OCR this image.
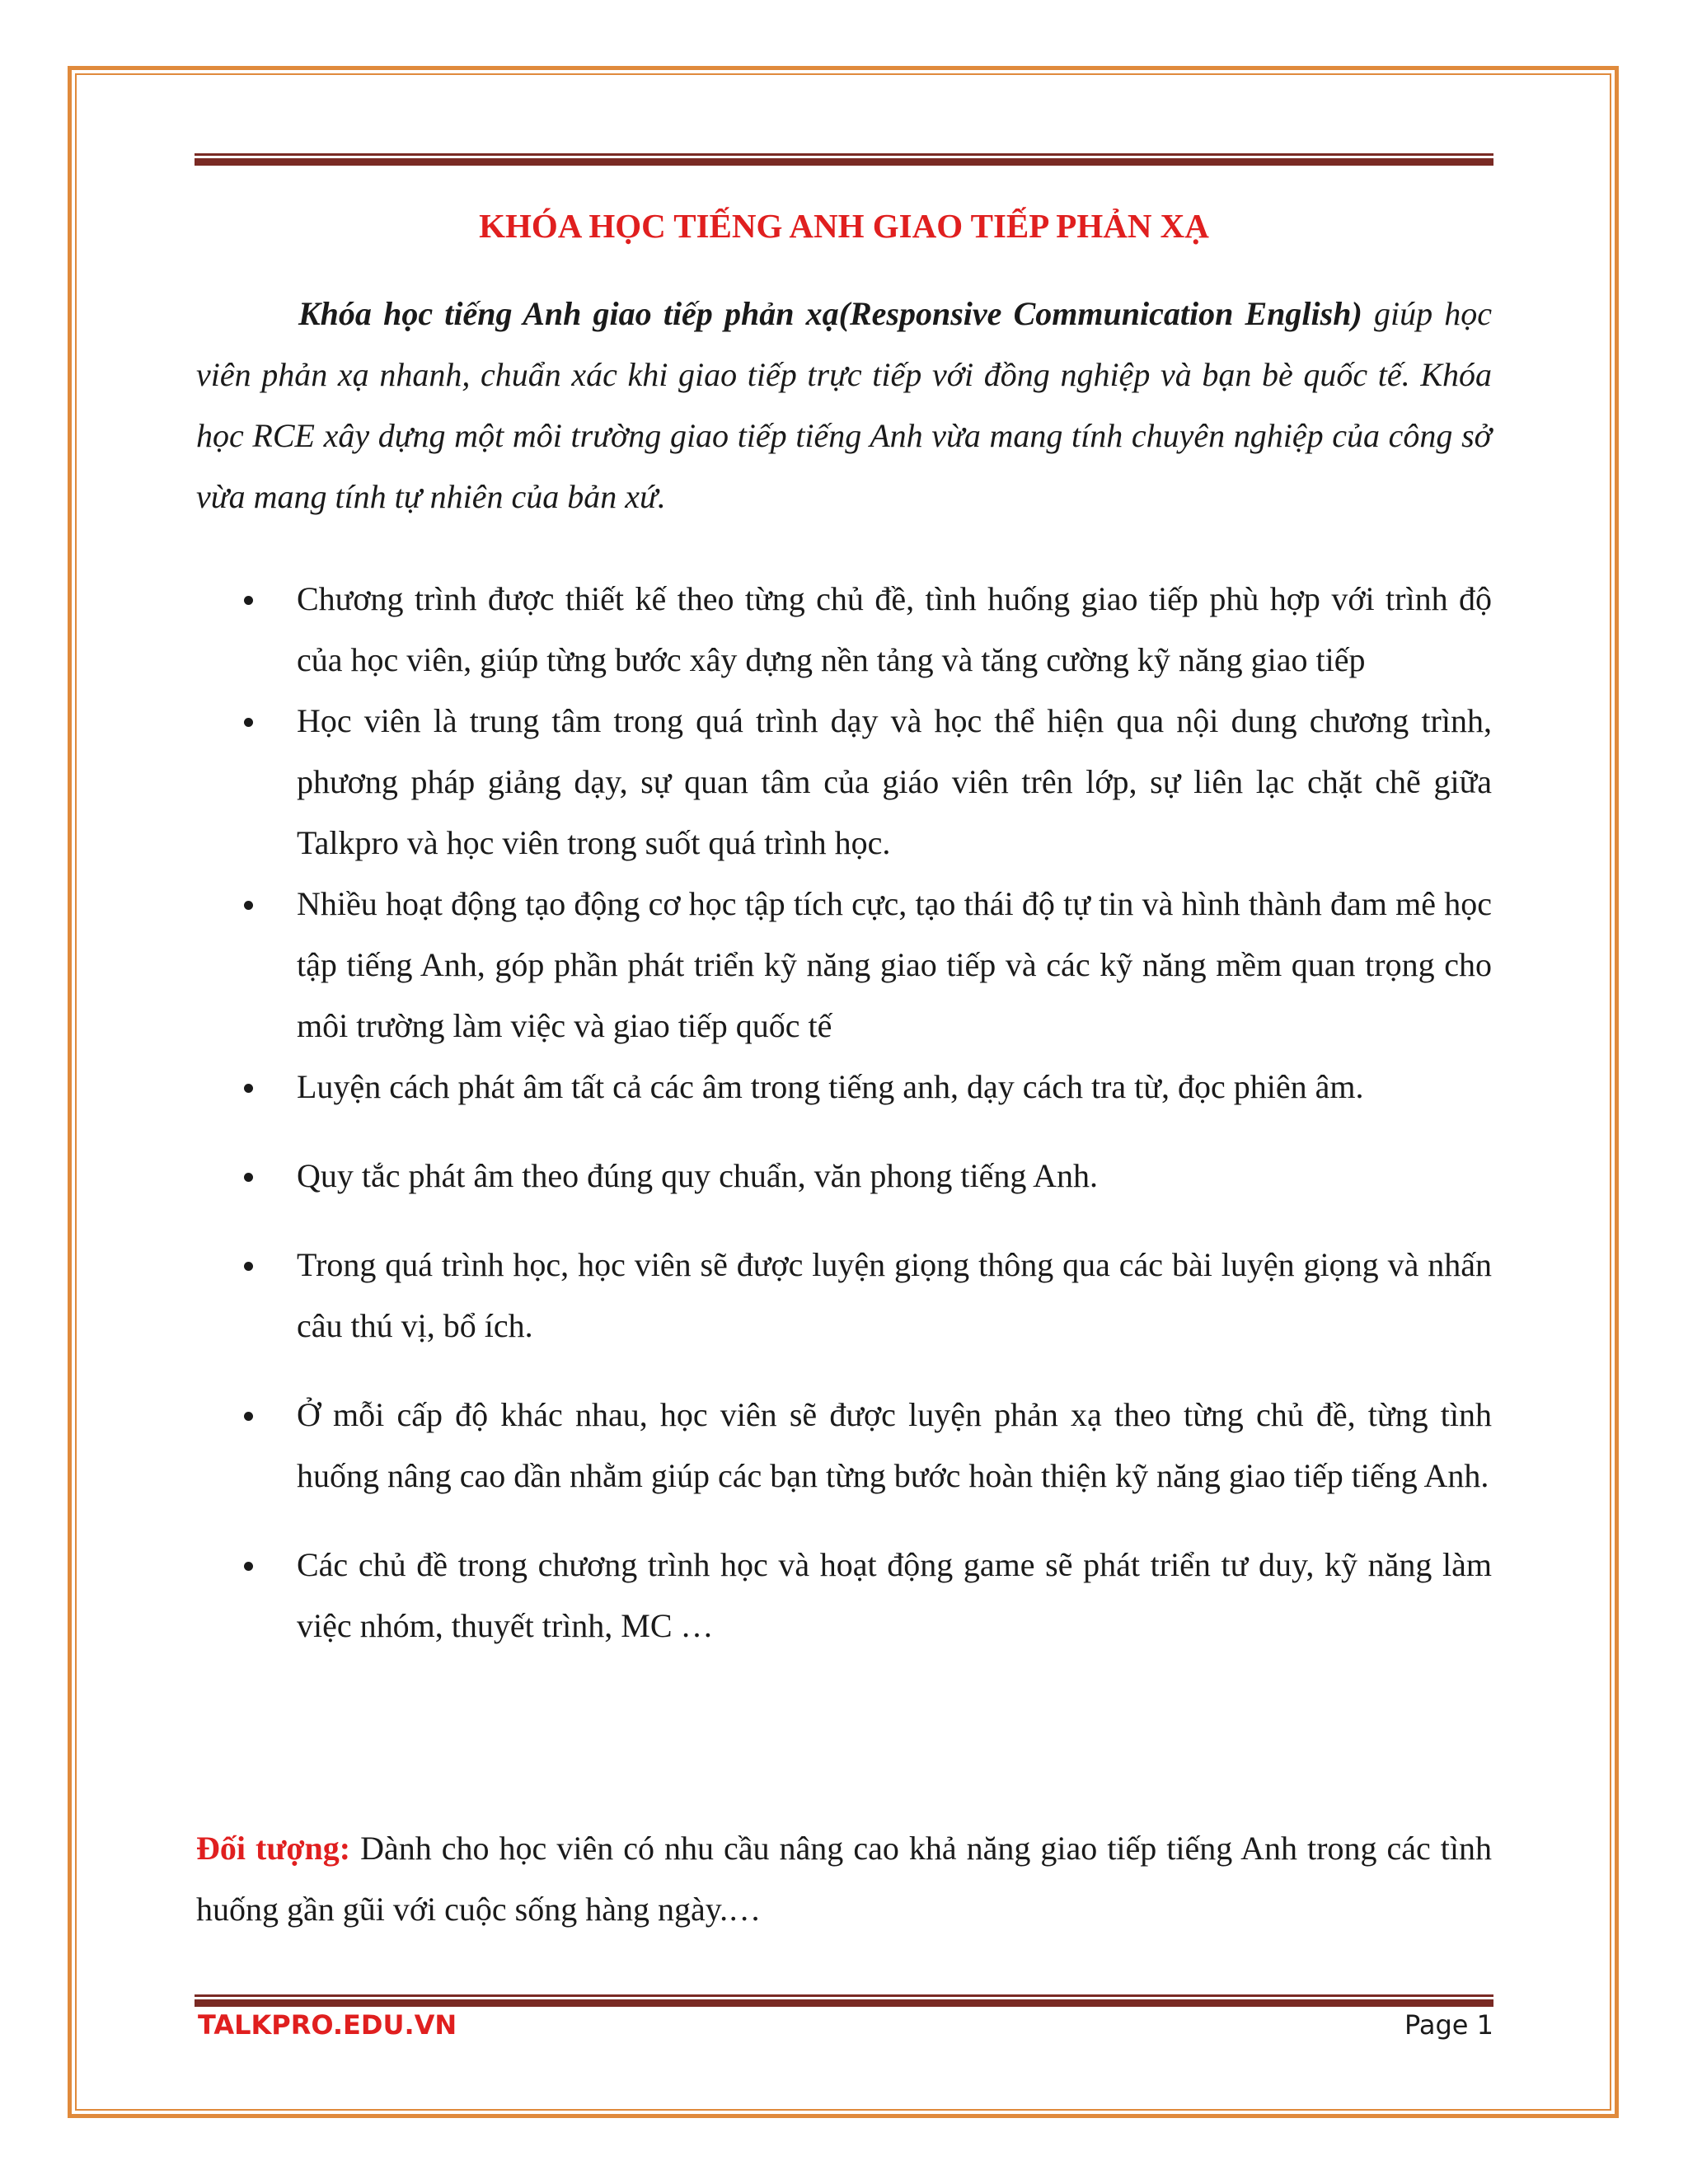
KHÓA HỌC TIẾNG ANH GIAO TIẾP PHẢN XẠ

Khóa học tiếng Anh giao tiếp phản xạ(Responsive Communication English) giúp học viên phản xạ nhanh, chuẩn xác khi giao tiếp trực tiếp với đồng nghiệp và bạn bè quốc tế. Khóa học RCE xây dựng một môi trường giao tiếp tiếng Anh vừa mang tính chuyên nghiệp của công sở vừa mang tính tự nhiên của bản xứ.

Chương trình được thiết kế theo từng chủ đề, tình huống giao tiếp phù hợp với trình độ của học viên, giúp từng bước xây dựng nền tảng và tăng cường kỹ năng giao tiếp
Học viên là trung tâm trong quá trình dạy và học thể hiện qua nội dung chương trình, phương pháp giảng dạy, sự quan tâm của giáo viên trên lớp, sự liên lạc chặt chẽ giữa Talkpro và học viên trong suốt quá trình học.
Nhiều hoạt động tạo động cơ học tập tích cực, tạo thái độ tự tin và hình thành đam mê học tập tiếng Anh, góp phần phát triển kỹ năng giao tiếp và các kỹ năng mềm quan trọng cho môi trường làm việc và giao tiếp quốc tế
Luyện cách phát âm tất cả các âm trong tiếng anh, dạy cách tra từ, đọc phiên âm.
Quy tắc phát âm theo đúng quy chuẩn, văn phong tiếng Anh.
Trong quá trình học, học viên sẽ được luyện giọng thông qua các bài luyện giọng và nhấn câu thú vị, bổ ích.
Ở mỗi cấp độ khác nhau, học viên sẽ được luyện phản xạ theo từng chủ đề, từng tình huống nâng cao dần nhằm giúp các bạn từng bước hoàn thiện kỹ năng giao tiếp tiếng Anh.
Các chủ đề trong chương trình học và hoạt động game sẽ phát triển tư duy, kỹ năng làm việc nhóm, thuyết trình, MC …

Đối tượng: Dành cho học viên có nhu cầu nâng cao khả năng giao tiếp tiếng Anh trong các tình huống gần gũi với cuộc sống hàng ngày.…

TALKPRO.EDU.VN	Page 1
